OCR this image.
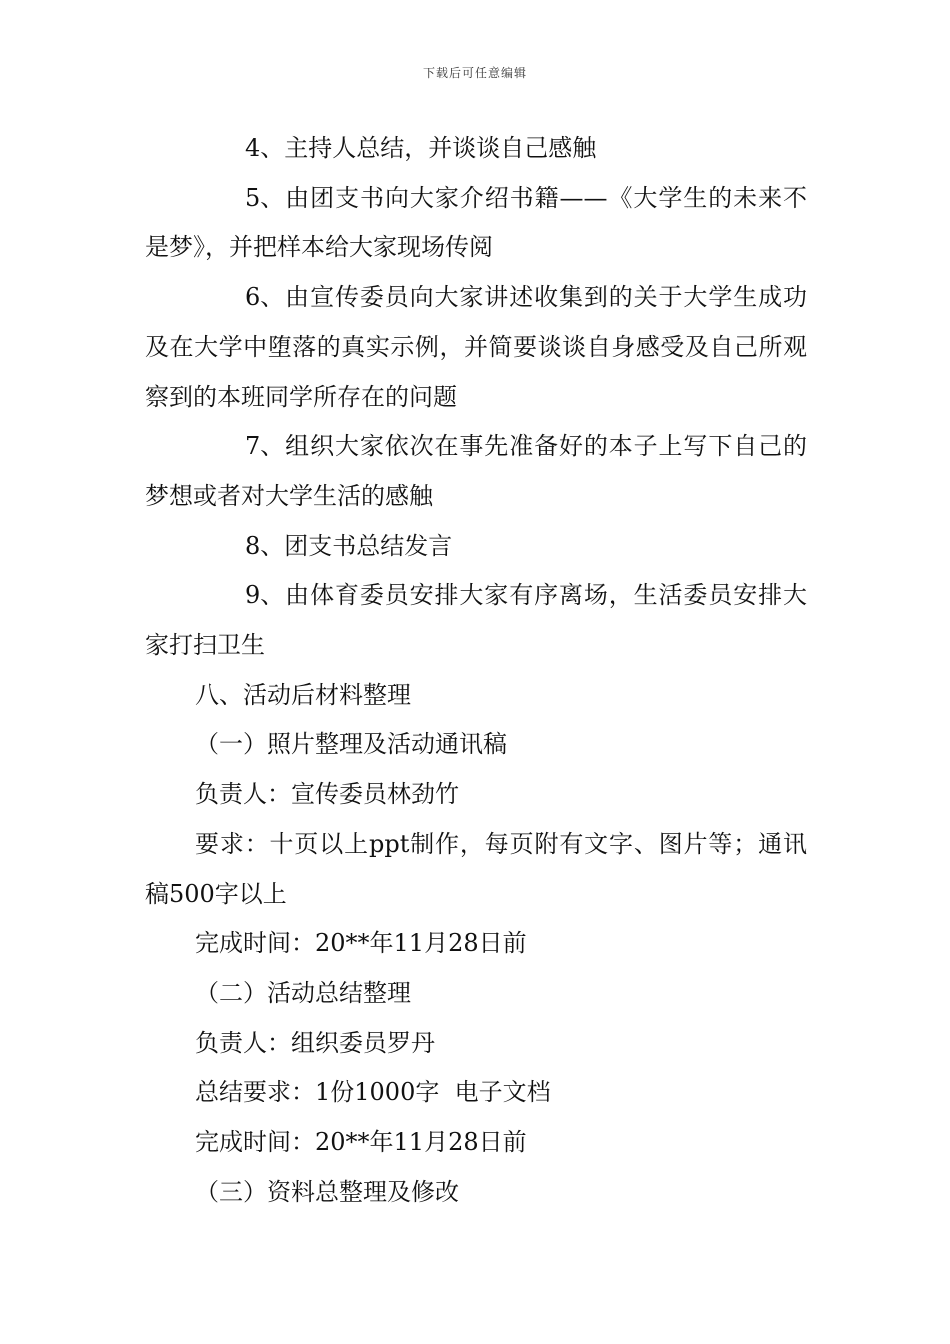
下载后可任意编辑

4、主持人总结，并谈谈自己感触

5、由团支书向大家介绍书籍——《大学生的未来不是梦》，并把样本给大家现场传阅

6、由宣传委员向大家讲述收集到的关于大学生成功及在大学中堕落的真实示例，并简要谈谈自身感受及自己所观察到的本班同学所存在的问题

7、组织大家依次在事先准备好的本子上写下自己的梦想或者对大学生活的感触

8、团支书总结发言

9、由体育委员安排大家有序离场，生活委员安排大家打扫卫生

八、活动后材料整理

（一）照片整理及活动通讯稿

负责人：宣传委员林劲竹

要求：十页以上ppt制作，每页附有文字、图片等；通讯稿500字以上

完成时间：20**年11月28日前

（二）活动总结整理

负责人：组织委员罗丹

总结要求：1份1000字  电子文档

完成时间：20**年11月28日前

（三）资料总整理及修改
